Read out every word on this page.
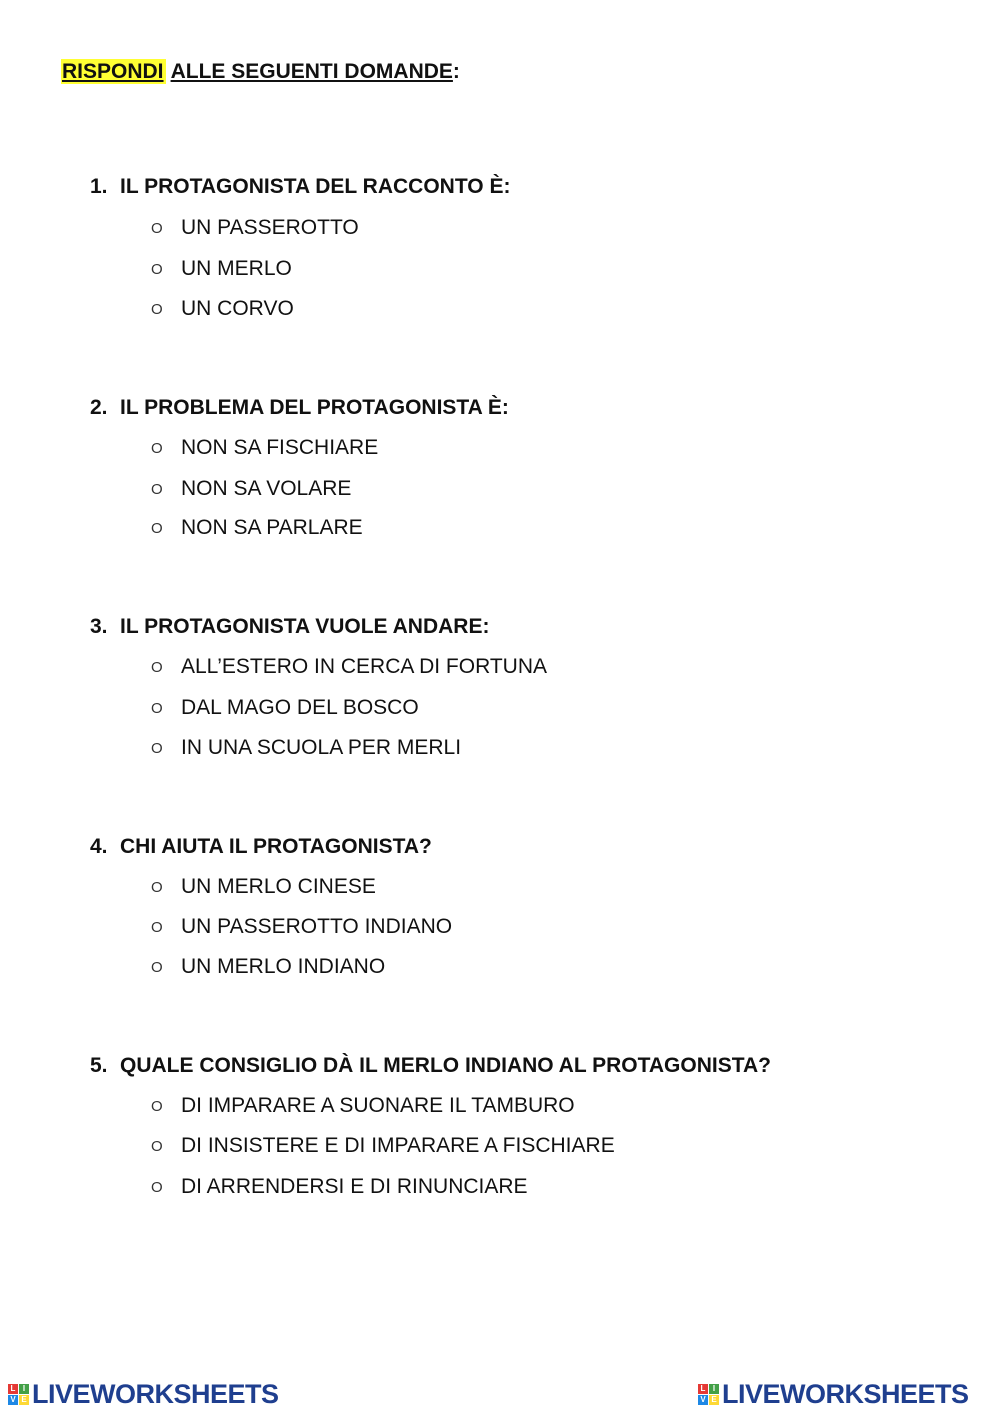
RISPONDI ALLE SEGUENTI DOMANDE:
1. IL PROTAGONISTA DEL RACCONTO È:
O UN PASSEROTTO
O UN MERLO
O UN CORVO
2. IL PROBLEMA DEL PROTAGONISTA È:
O NON SA FISCHIARE
O NON SA VOLARE
O NON SA PARLARE
3. IL PROTAGONISTA VUOLE ANDARE:
O ALL’ESTERO IN CERCA DI FORTUNA
O DAL MAGO DEL BOSCO
O IN UNA SCUOLA PER MERLI
4. CHI AIUTA IL PROTAGONISTA?
O UN MERLO CINESE
O UN PASSEROTTO INDIANO
O UN MERLO INDIANO
5. QUALE CONSIGLIO DÀ IL MERLO INDIANO AL PROTAGONISTA?
O DI IMPARARE A SUONARE IL TAMBURO
O DI INSISTERE E DI IMPARARE A FISCHIARE
O DI ARRENDERSI E DI RINUNCIARE
L I
V E LIVEWORKSHEETS	L I
V E LIVEWORKSHEETS
